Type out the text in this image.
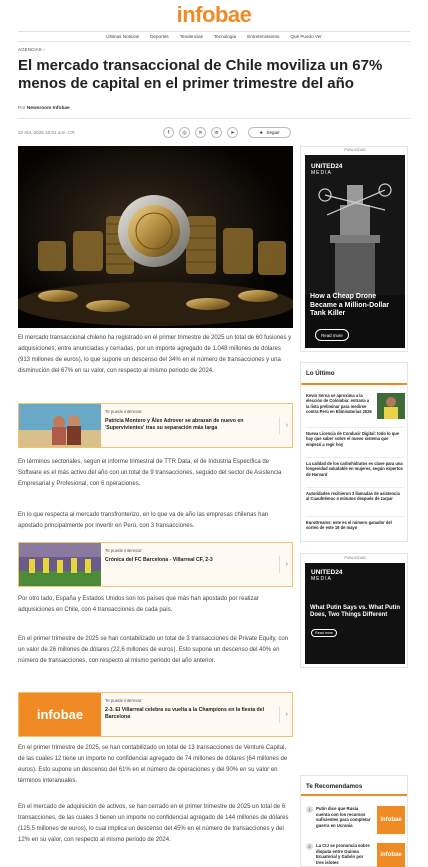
infobae
Últimas Noticias Deportes Tendencias Tecnología Entretenimiento Qué Puedo Ver
AGENCIAS ›
El mercado transaccional de Chile moviliza un 67% menos de capital en el primer trimestre del año
Por Newsroom Infobae
22 Abr, 2025 10:01 a.m. CR	f	◎	✕	in	➤	★ Seguir

El mercado transaccional chileno ha registrado en el primer trimestre de 2025 un total de 60 fusiones y adquisiciones, entre anunciadas y cerradas, por un importe agregado de 1.048 millones de dólares (913 millones de euros), lo que supone un descenso del 34% en el número de transacciones y una disminución del 67% en su valor, con respecto al mismo periodo de 2024.

Te puede interesar:
Patricia Montero y Álex Adrover se abrazan de nuevo en 'Supervivientes' tras su separación más larga	›

En términos sectoriales, según el informe trimestral de TTR Data, el de Industria Específica de Software es el más activo del año con un total de 9 transacciones, seguido del sector de Asistencia Empresarial y Profesional, con 6 operaciones.

En lo que respecta al mercado transfronterizo, en lo que va de año las empresas chilenas han apostado principalmente por invertir en Perú, con 3 transacciones.

Te puede interesar:
Crónica del FC Barcelona - Villarreal CF, 2-3
›

Por otro lado, España y Estados Unidos son los países que más han apostado por realizar adquisiciones en Chile, con 4 transacciones de cada país.

En el primer trimestre de 2025 se han contabilizado un total de 3 transacciones de Private Equity, con un valor de 26 millones de dólares (22,6 millones de euros). Esto supone un descenso del 40% en número de transacciones, con respecto al mismo periodo del año anterior.

infobae
Te puede interesar:
2-3. El Villarreal celebra su vuelta a la Champions en la fiesta del Barcelona	›

En el primer trimestre de 2025, se han contabilizado un total de 13 transacciones de Venture Capital, de las cuales 12 tiene un importe no confidencial agregado de 74 millones de dólares (64 millones de euros). Esto supone un descenso del 61% en el número de operaciones y del 90% en su valor en términos interanuales.

En el mercado de adquisición de activos, se han cerrado en el primer trimestre de 2025 un total de 6 transacciones, de las cuales 3 tienen un importe no confidencial agregado de 144 millones de dólares (125,5 millones de euros), lo cual implica un descenso del 45% en el número de transacciones y del 12% en su valor, con respecto al mismo periodo de 2024.

PUBLICIDAD
UNITED24
MEDIA
How a Cheap Drone Became a Million-Dollar Tank Killer
Read more
Lo Último
Kevin Serna se aproxima a la elección de Colombia: entraría a la lista preliminar para medirse contra Perú en Eliminatorias 2026
Nueva Licencia de Conducir Digital: todo lo que hay que saber sobre el nuevo sistema que empezó a regir hoy
La calidad de los carbohidratos es clave para una longevidad saludable en mujeres, según expertos de Harvard
Autoridades recibieron 3 llamadas de asistencia al Cuauhtémoc 4 minutos después de zarpar
EuroDreams: este es el número ganador del sorteo de este 19 de mayo
PUBLICIDAD
UNITED24
MEDIA
What Putin Says vs. What Putin Does, Two Things Different
Read more
Te Recomendamos
1	Putin dice que Rusia cuenta con los recursos suficientes para completar guerra en Ucrania
infobae
2	La CIJ se pronuncia sobre disputa entre Guinea Ecuatorial y Gabón por tres islotes
infobae
